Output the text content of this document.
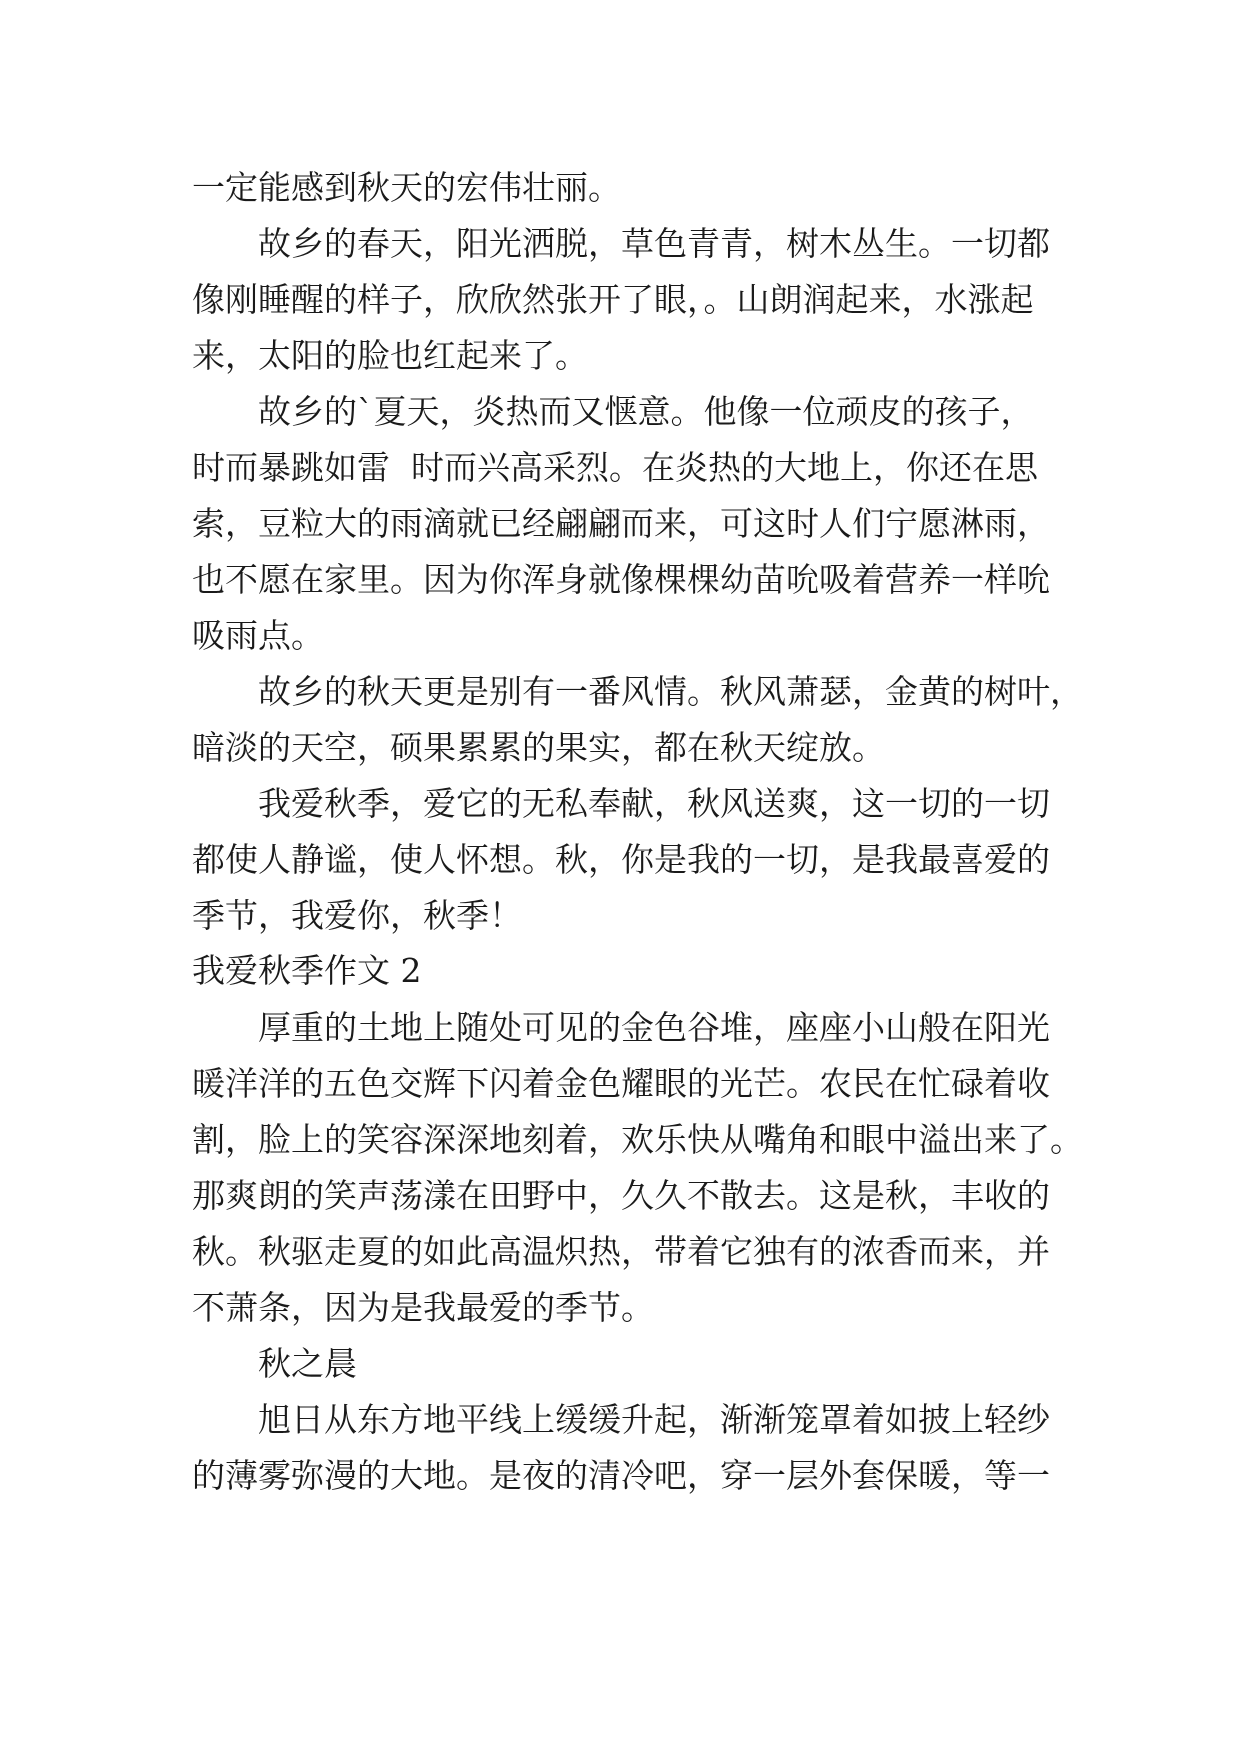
一定能感到秋天的宏伟壮丽。

故乡的春天，阳光洒脱，草色青青，树木丛生。一切都

像刚睡醒的样子，欣欣然张开了眼，。山朗润起来，水涨起

来，太阳的脸也红起来了。

故乡的`夏天，炎热而又惬意。他像一位顽皮的孩子，

时而暴跳如雷  时而兴高采烈。在炎热的大地上，你还在思

索，豆粒大的雨滴就已经翩翩而来，可这时人们宁愿淋雨，

也不愿在家里。因为你浑身就像棵棵幼苗吮吸着营养一样吮

吸雨点。

故乡的秋天更是别有一番风情。秋风萧瑟，金黄的树叶，

暗淡的天空，硕果累累的果实，都在秋天绽放。

我爱秋季，爱它的无私奉献，秋风送爽，这一切的一切

都使人静谧，使人怀想。秋，你是我的一切，是我最喜爱的

季节，我爱你，秋季！

我爱秋季作文 2

厚重的土地上随处可见的金色谷堆，座座小山般在阳光

暖洋洋的五色交辉下闪着金色耀眼的光芒。农民在忙碌着收

割，脸上的笑容深深地刻着，欢乐快从嘴角和眼中溢出来了。

那爽朗的笑声荡漾在田野中，久久不散去。这是秋，丰收的

秋。秋驱走夏的如此高温炽热，带着它独有的浓香而来，并

不萧条，因为是我最爱的季节。

秋之晨

旭日从东方地平线上缓缓升起，渐渐笼罩着如披上轻纱

的薄雾弥漫的大地。是夜的清冷吧，穿一层外套保暖，等一
